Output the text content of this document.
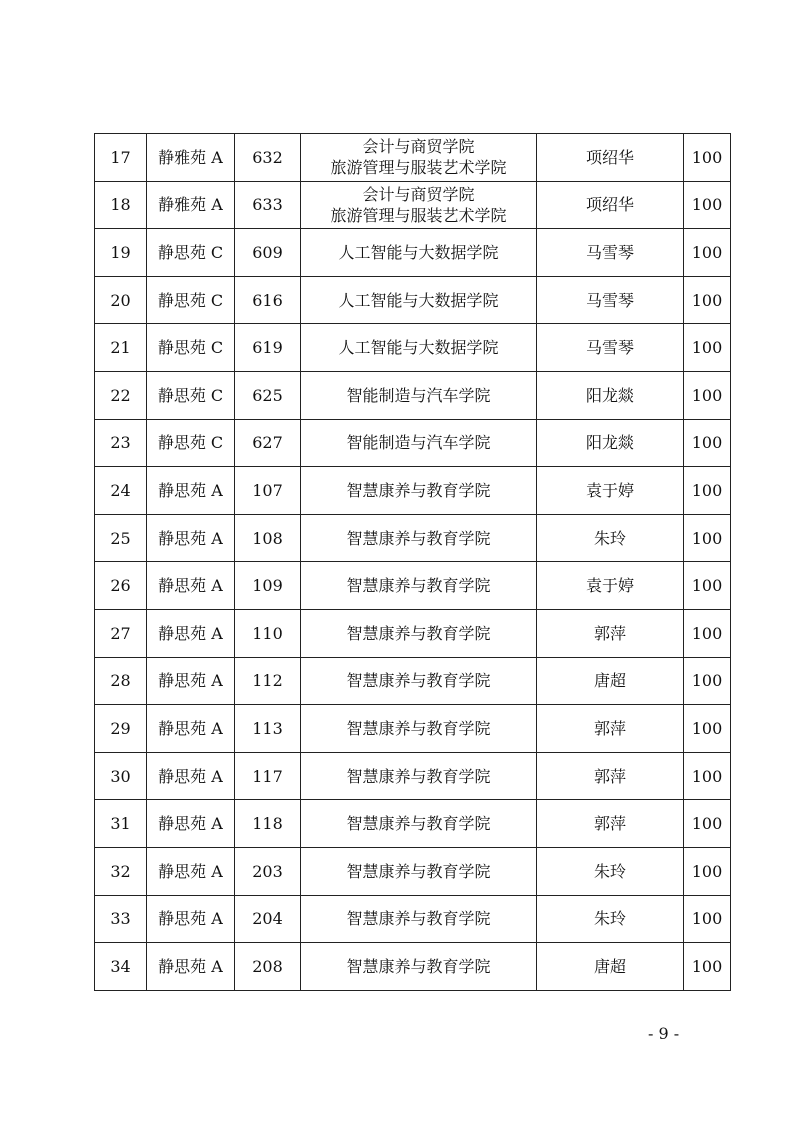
17	静雅苑 A	632	会计与商贸学院
旅游管理与服装艺术学院	项绍华	100
18	静雅苑 A	633	会计与商贸学院
旅游管理与服装艺术学院	项绍华	100
19	静思苑 C	609	人工智能与大数据学院	马雪琴	100
20	静思苑 C	616	人工智能与大数据学院	马雪琴	100
21	静思苑 C	619	人工智能与大数据学院	马雪琴	100
22	静思苑 C	625	智能制造与汽车学院	阳龙燚	100
23	静思苑 C	627	智能制造与汽车学院	阳龙燚	100
24	静思苑 A	107	智慧康养与教育学院	袁于婷	100
25	静思苑 A	108	智慧康养与教育学院	朱玲	100
26	静思苑 A	109	智慧康养与教育学院	袁于婷	100
27	静思苑 A	110	智慧康养与教育学院	郭萍	100
28	静思苑 A	112	智慧康养与教育学院	唐超	100
29	静思苑 A	113	智慧康养与教育学院	郭萍	100
30	静思苑 A	117	智慧康养与教育学院	郭萍	100
31	静思苑 A	118	智慧康养与教育学院	郭萍	100
32	静思苑 A	203	智慧康养与教育学院	朱玲	100
33	静思苑 A	204	智慧康养与教育学院	朱玲	100
34	静思苑 A	208	智慧康养与教育学院	唐超	100
- 9 -
